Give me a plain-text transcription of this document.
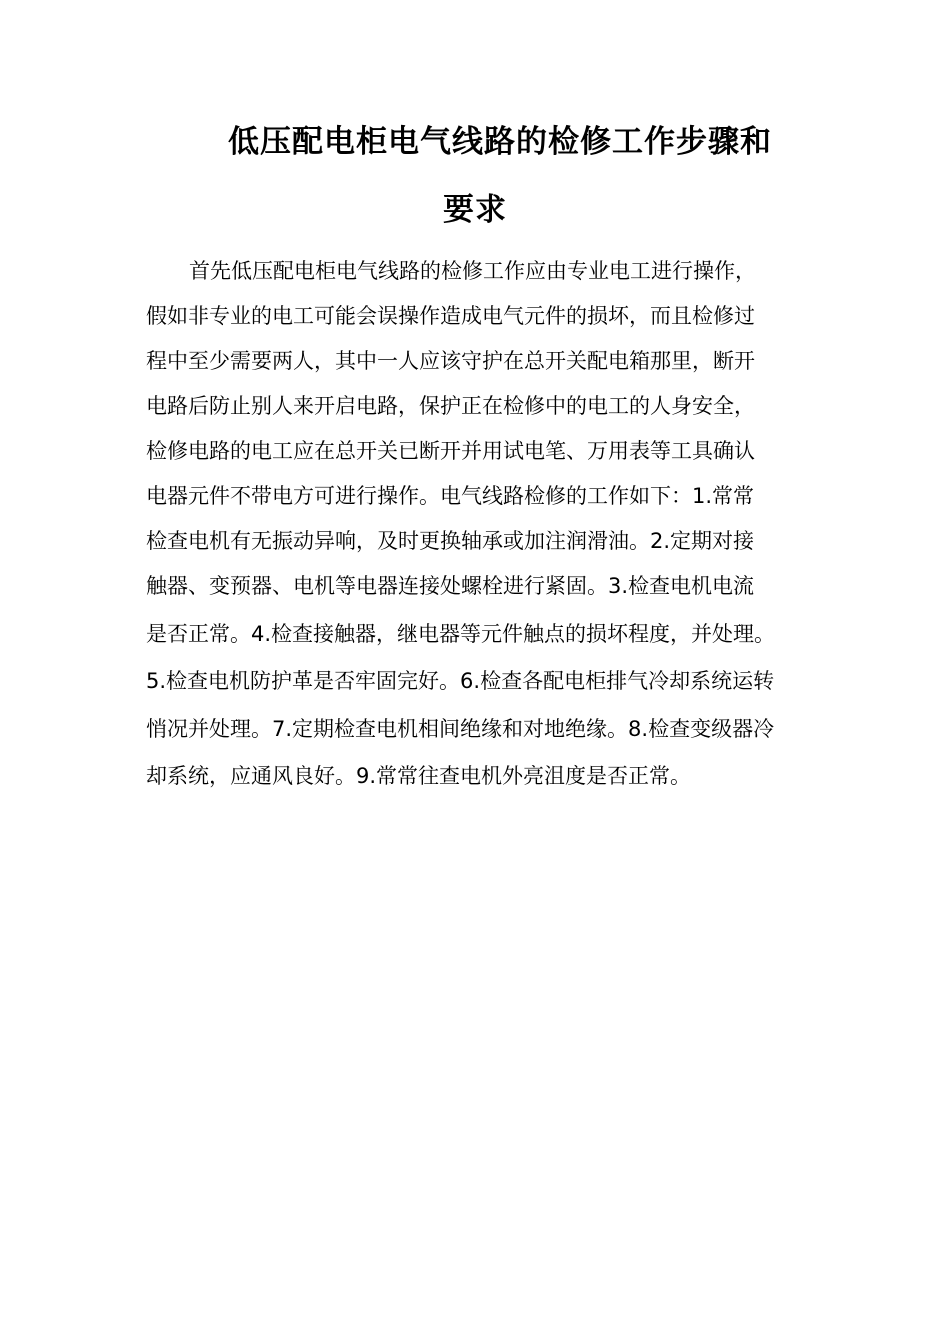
低压配电柜电气线路的检修工作步骤和
要求
首先低压配电柜电气线路的检修工作应由专业电工进行操作，
假如非专业的电工可能会误操作造成电气元件的损坏，而且检修过
程中至少需要两人，其中一人应该守护在总开关配电箱那里，断开
电路后防止别人来开启电路，保护正在检修中的电工的人身安全，
检修电路的电工应在总开关已断开并用试电笔、万用表等工具确认
电器元件不带电方可进行操作。电气线路检修的工作如下：1.常常
检查电机有无振动异响，及时更换轴承或加注润滑油。2.定期对接
触器、变预器、电机等电器连接处螺栓进行紧固。3.检查电机电流
是否正常。4.检查接触器，继电器等元件触点的损坏程度，并处理。
5.检查电机防护革是否牢固完好。6.检查各配电柜排气冷却系统运转
悄况并处理。7.定期检查电机相间绝缘和对地绝缘。8.检查变级器冷
却系统，应通风良好。9.常常往查电机外亮沮度是否正常。
